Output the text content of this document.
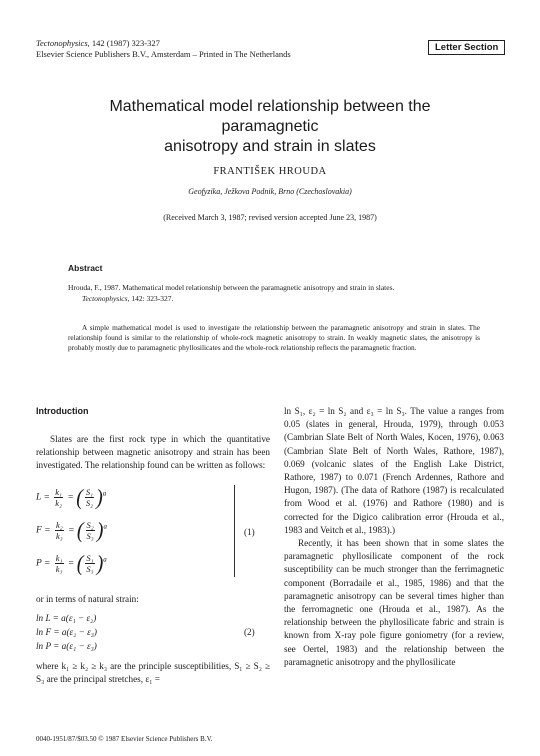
Tectonophysics, 142 (1987) 323-327
Elsevier Science Publishers B.V., Amsterdam – Printed in The Netherlands
Letter Section
Mathematical model relationship between the paramagnetic
anisotropy and strain in slates
FRANTIŠEK HROUDA
Geofyzika, Ježkova Podnik, Brno (Czechoslovakia)
(Received March 3, 1987; revised version accepted June 23, 1987)
Abstract
Hrouda, F., 1987. Mathematical model relationship between the paramagnetic anisotropy and strain in slates.
Tectonophysics, 142: 323-327.
A simple mathematical model is used to investigate the relationship between the paramagnetic anisotropy and strain in slates. The relationship found is similar to the relationship of whole-rock magnetic anisotropy to strain. In weakly magnetic slates, the anisotropy is probably mostly due to paramagnetic phyllosilicates and the whole-rock relationship reflects the paramagnetic fraction.
Introduction
Slates are the first rock type in which the quantitative relationship between magnetic anisotropy and strain has been investigated. The relationship found can be written as follows:
$L = \frac{\text{k₁}}{\text{k₂}}$ = ( $\frac{\text{S₁}}{\text{S₂}} )^a$
$F = \frac{\text{k₂}}{\text{k₃}}$ = ( $\frac{\text{S₂}}{\text{S₃}} )^a$
$P = \frac{\text{k₁}}{\text{k₃}}$ = ( $\frac{\text{S₁}}{\text{S₃}} )^a$
(1)
or in terms of natural strain:
ln L = a(ε₁ − ε₂)
ln F = a(ε₂ − ε₃)
ln P = a(ε₁ − ε₃)
(2)
where k₁ ≥ k₂ ≥ k₃ are the principle susceptibilities, S₁ ≥ S₂ ≥ S₃ are the principal stretches, ε₁ =

ln S₁, ε₂ = ln S₂ and ε₃ = ln S₃. The value a ranges from 0.05 (slates in general, Hrouda, 1979), through 0.053 (Cambrian Slate Belt of North Wales, Kocen, 1976), 0.063 (Cambrian Slate Belt of North Wales, Rathore, 1987), 0.069 (volcanic slates of the English Lake District, Rathore, 1987) to 0.071 (French Ardennes, Rathore and Hugon, 1987). (The data of Rathore (1987) is recalculated from Wood et al. (1976) and Rathore (1980) and is corrected for the Digico calibration error (Hrouda et al., 1983 and Veitch et al., 1983).)

Recently, it has been shown that in some slates the paramagnetic phyllosilicate component of the rock susceptibility can be much stronger than the ferrimagnetic component (Borradaile et al., 1985, 1986) and that the paramagnetic anisotropy can be several times higher than the ferromagnetic one (Hrouda et al., 1987). As the relationship between the phyllosilicate fabric and strain is known from X-ray pole figure goniometry (for a review, see Oertel, 1983) and the relationship between the paramagnetic anisotropy and the phyllosilicate

0040-1951/87/$03.50 © 1987 Elsevier Science Publishers B.V.
